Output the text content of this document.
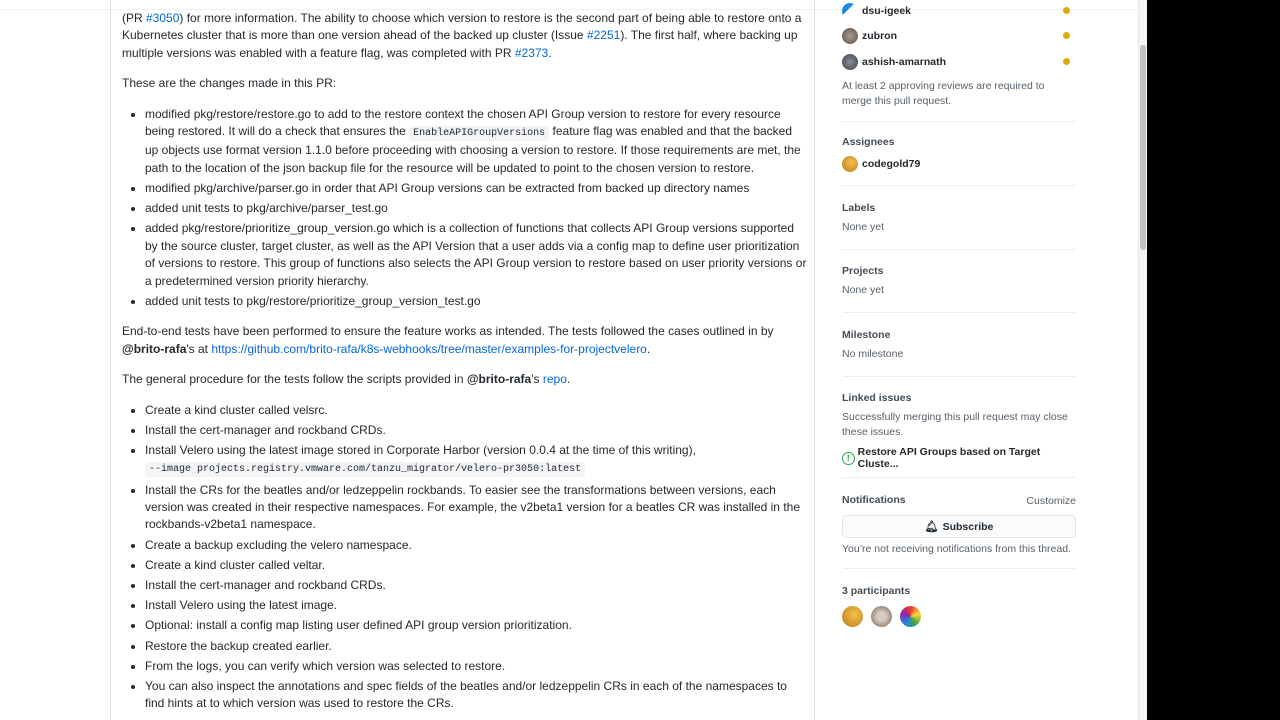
(PR #3050) for more information. The ability to choose which version to restore is the second part of being able to restore onto a Kubernetes cluster that is more than one version ahead of the backed up cluster (Issue #2251). The first half, where backing up multiple versions was enabled with a feature flag, was completed with PR #2373.

These are the changes made in this PR:

• modified pkg/restore/restore.go to add to the restore context the chosen API Group version to restore for every resource being restored. It will do a check that ensures the EnableAPIGroupVersions feature flag was enabled and that the backed up objects use format version 1.1.0 before proceeding with choosing a version to restore. If those requirements are met, the path to the location of the json backup file for the resource will be updated to point to the chosen version to restore.
• modified pkg/archive/parser.go in order that API Group versions can be extracted from backed up directory names
• added unit tests to pkg/archive/parser_test.go
• added pkg/restore/prioritize_group_version.go which is a collection of functions that collects API Group versions supported by the source cluster, target cluster, as well as the API Version that a user adds via a config map to define user prioritization of versions to restore. This group of functions also selects the API Group version to restore based on user priority versions or a predetermined version priority hierarchy.
• added unit tests to pkg/restore/prioritize_group_version_test.go

End-to-end tests have been performed to ensure the feature works as intended. The tests followed the cases outlined in by @brito-rafa's at https://github.com/brito-rafa/k8s-webhooks/tree/master/examples-for-projectvelero.

The general procedure for the tests follow the scripts provided in @brito-rafa's repo.

• Create a kind cluster called velsrc.
• Install the cert-manager and rockband CRDs.
• Install Velero using the latest image stored in Corporate Harbor (version 0.0.4 at the time of this writing),
--image projects.registry.vmware.com/tanzu_migrator/velero-pr3050:latest
• Install the CRs for the beatles and/or ledzeppelin rockbands. To easier see the transformations between versions, each version was created in their respective namespaces. For example, the v2beta1 version for a beatles CR was installed in the rockbands-v2beta1 namespace.
• Create a backup excluding the velero namespace.
• Create a kind cluster called veltar.
• Install the cert-manager and rockband CRDs.
• Install Velero using the latest image.
• Optional: install a config map listing user defined API group version prioritization.
• Restore the backup created earlier.
• From the logs, you can verify which version was selected to restore.
• You can also inspect the annotations and spec fields of the beatles and/or ledzeppelin CRs in each of the namespaces to find hints at to which version was used to restore the CRs.
dsu-igeek
zubron
ashish-amarnath
At least 2 approving reviews are required to merge this pull request.
Assignees
codegold79
Labels
None yet
Projects
None yet
Milestone
No milestone
Linked issues
Successfully merging this pull request may close these issues.
! Restore API Groups based on Target Cluste...
Notifications	Customize
🔔︎ Subscribe
You’re not receiving notifications from this thread.
3 participants
